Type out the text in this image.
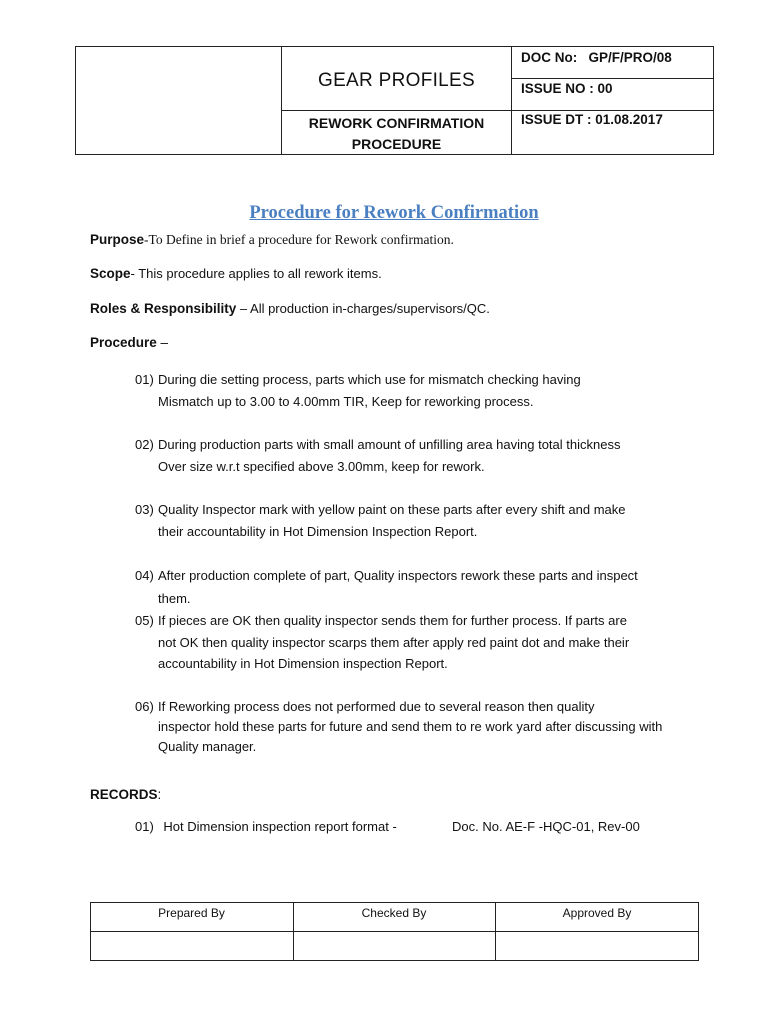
GEAR PROFILES
REWORK CONFIRMATION PROCEDURE
DOC No:   GP/F/PRO/08
ISSUE NO : 00
ISSUE DT : 01.08.2017
Procedure for Rework Confirmation
Purpose-To Define in brief a procedure for Rework confirmation.
Scope- This procedure applies to all rework items.
Roles & Responsibility – All production in-charges/supervisors/QC.
Procedure –
01) During die setting process, parts which use for mismatch checking having
Mismatch up to 3.00 to 4.00mm TIR, Keep for reworking process.
02) During production parts with small amount of unfilling area having total thickness
Over size w.r.t specified above 3.00mm, keep for rework.
03) Quality Inspector mark with yellow paint on these parts after every shift and make
their accountability in Hot Dimension Inspection Report.
04) After production complete of part, Quality inspectors rework these parts and inspect
them.
05) If pieces are OK then quality inspector sends them for further process. If parts are
not OK then quality inspector scarps them after apply red paint dot and make their accountability in Hot Dimension inspection Report.
06) If Reworking process does not performed due to several reason then quality
inspector hold these parts for future and send them to re work yard after discussing with Quality manager.
RECORDS:
01) Hot Dimension inspection report format -	Doc. No. AE-F -HQC-01, Rev-00
Prepared By	Checked By	Approved By
